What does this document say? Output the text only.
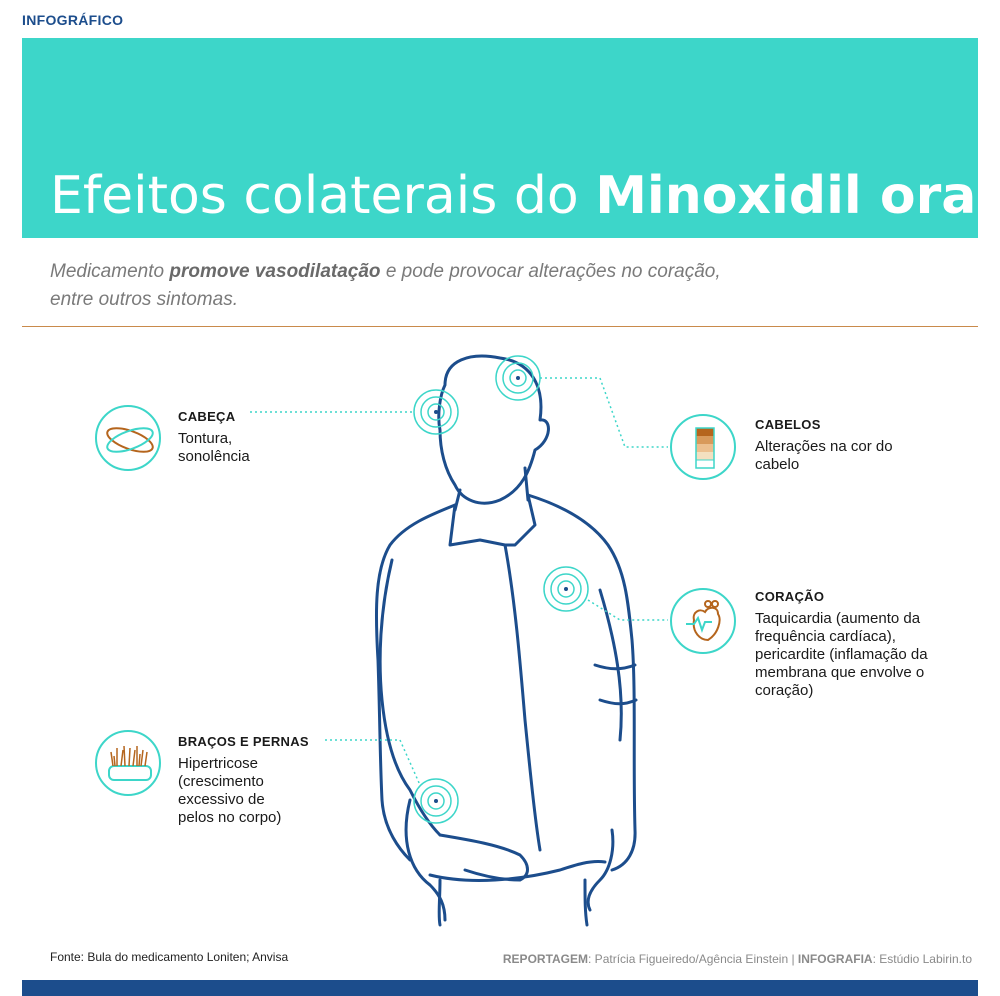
INFOGRÁFICO
Efeitos colaterais do Minoxidil oral
Medicamento promove vasodilatação e pode provocar alterações no coração, entre outros sintomas.
CABEÇA
Tontura, sonolência
CABELOS
Alterações na cor do cabelo
CORAÇÃO
Taquicardia (aumento da frequência cardíaca), pericardite (inflamação da membrana que envolve o coração)
BRAÇOS E PERNAS
Hipertricose (crescimento excessivo de pelos no corpo)
Fonte: Bula do medicamento Loniten; Anvisa	REPORTAGEM: Patrícia Figueiredo/Agência Einstein | INFOGRAFIA: Estúdio Labirin.to
